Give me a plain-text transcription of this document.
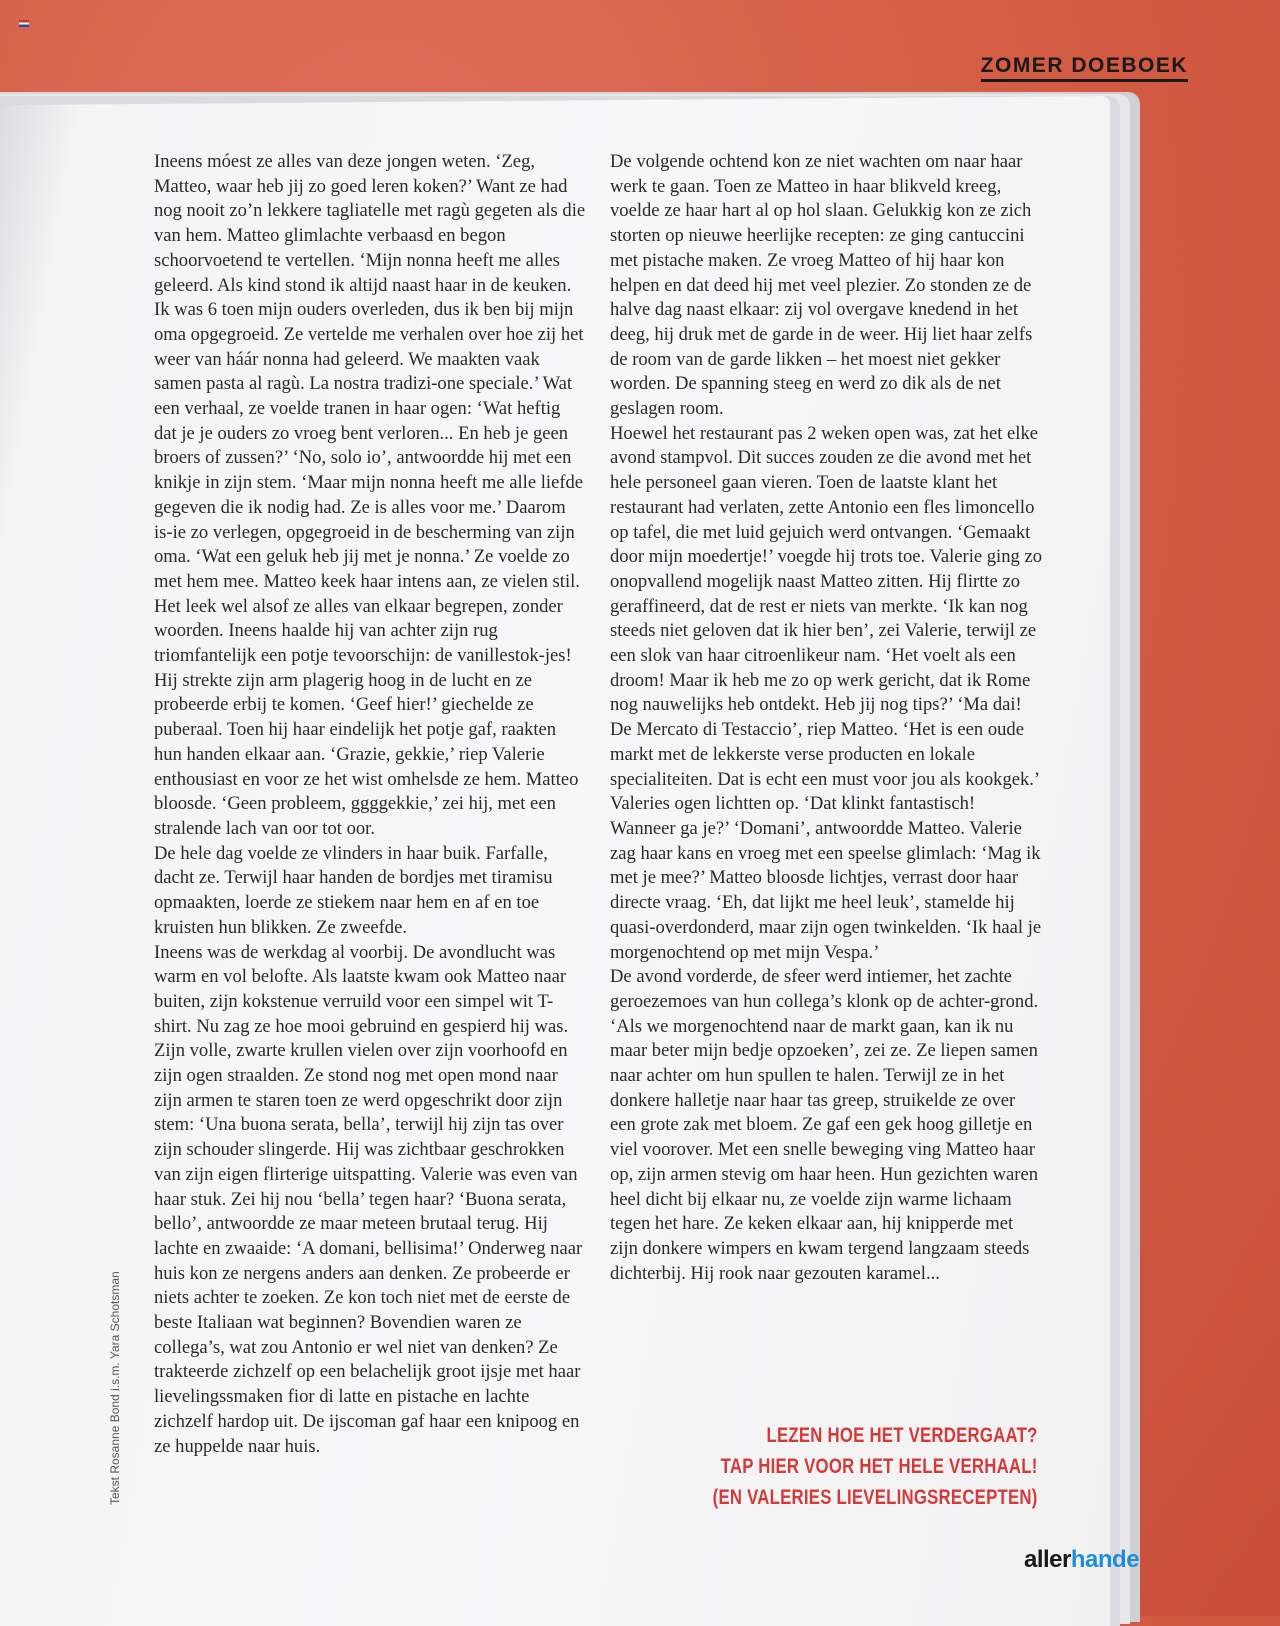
ZOMER DOEBOEK

Ineens móest ze alles van deze jongen weten. ‘Zeg, Matteo, waar heb jij zo goed leren koken?’ Want ze had nog nooit zo’n lekkere tagliatelle met ragù gegeten als die van hem. Matteo glimlachte verbaasd en begon schoorvoetend te vertellen. ‘Mijn nonna heeft me alles geleerd. Als kind stond ik altijd naast haar in de keuken. Ik was 6 toen mijn ouders overleden, dus ik ben bij mijn oma opgegroeid. Ze vertelde me verhalen over hoe zij het weer van háár nonna had geleerd. We maakten vaak samen pasta al ragù. La nostra tradizi-one speciale.’ Wat een verhaal, ze voelde tranen in haar ogen: ‘Wat heftig dat je je ouders zo vroeg bent verloren... En heb je geen broers of zussen?’ ‘No, solo io’, antwoordde hij met een knikje in zijn stem. ‘Maar mijn nonna heeft me alle liefde gegeven die ik nodig had. Ze is alles voor me.’ Daarom is-ie zo verlegen, opgegroeid in de bescherming van zijn oma. ‘Wat een geluk heb jij met je nonna.’ Ze voelde zo met hem mee. Matteo keek haar intens aan, ze vielen stil. Het leek wel alsof ze alles van elkaar begrepen, zonder woorden. Ineens haalde hij van achter zijn rug triomfantelijk een potje tevoorschijn: de vanillestok-jes! Hij strekte zijn arm plagerig hoog in de lucht en ze probeerde erbij te komen. ‘Geef hier!’ giechelde ze puberaal. Toen hij haar eindelijk het potje gaf, raakten hun handen elkaar aan. ‘Grazie, gekkie,’ riep Valerie enthousiast en voor ze het wist omhelsde ze hem. Matteo bloosde. ‘Geen probleem, ggggekkie,’ zei hij, met een stralende lach van oor tot oor.

De hele dag voelde ze vlinders in haar buik. Farfalle, dacht ze. Terwijl haar handen de bordjes met tiramisu opmaakten, loerde ze stiekem naar hem en af en toe kruisten hun blikken. Ze zweefde.

Ineens was de werkdag al voorbij. De avondlucht was warm en vol belofte. Als laatste kwam ook Matteo naar buiten, zijn kokstenue verruild voor een simpel wit T-shirt. Nu zag ze hoe mooi gebruind en gespierd hij was. Zijn volle, zwarte krullen vielen over zijn voorhoofd en zijn ogen straalden. Ze stond nog met open mond naar zijn armen te staren toen ze werd opgeschrikt door zijn stem: ‘Una buona serata, bella’, terwijl hij zijn tas over zijn schouder slingerde. Hij was zichtbaar geschrokken van zijn eigen flirterige uitspatting. Valerie was even van haar stuk. Zei hij nou ‘bella’ tegen haar? ‘Buona serata, bello’, antwoordde ze maar meteen brutaal terug. Hij lachte en zwaaide: ‘A domani, bellisima!’ Onderweg naar huis kon ze nergens anders aan denken. Ze probeerde er niets achter te zoeken. Ze kon toch niet met de eerste de beste Italiaan wat beginnen? Bovendien waren ze collega’s, wat zou Antonio er wel niet van denken? Ze trakteerde zichzelf op een belachelijk groot ijsje met haar lievelingssmaken fior di latte en pistache en lachte zichzelf hardop uit. De ijscoman gaf haar een knipoog en ze huppelde naar huis.

De volgende ochtend kon ze niet wachten om naar haar werk te gaan. Toen ze Matteo in haar blikveld kreeg, voelde ze haar hart al op hol slaan. Gelukkig kon ze zich storten op nieuwe heerlijke recepten: ze ging cantuccini met pistache maken. Ze vroeg Matteo of hij haar kon helpen en dat deed hij met veel plezier. Zo stonden ze de halve dag naast elkaar: zij vol overgave knedend in het deeg, hij druk met de garde in de weer. Hij liet haar zelfs de room van de garde likken – het moest niet gekker worden. De spanning steeg en werd zo dik als de net geslagen room.

Hoewel het restaurant pas 2 weken open was, zat het elke avond stampvol. Dit succes zouden ze die avond met het hele personeel gaan vieren. Toen de laatste klant het restaurant had verlaten, zette Antonio een fles limoncello op tafel, die met luid gejuich werd ontvangen. ‘Gemaakt door mijn moedertje!’ voegde hij trots toe. Valerie ging zo onopvallend mogelijk naast Matteo zitten. Hij flirtte zo geraffineerd, dat de rest er niets van merkte. ‘Ik kan nog steeds niet geloven dat ik hier ben’, zei Valerie, terwijl ze een slok van haar citroenlikeur nam. ‘Het voelt als een droom! Maar ik heb me zo op werk gericht, dat ik Rome nog nauwelijks heb ontdekt. Heb jij nog tips?’ ‘Ma dai! De Mercato di Testaccio’, riep Matteo. ‘Het is een oude markt met de lekkerste verse producten en lokale specialiteiten. Dat is echt een must voor jou als kookgek.’ Valeries ogen lichtten op. ‘Dat klinkt fantastisch! Wanneer ga je?’ ‘Domani’, antwoordde Matteo. Valerie zag haar kans en vroeg met een speelse glimlach: ‘Mag ik met je mee?’ Matteo bloosde lichtjes, verrast door haar directe vraag. ‘Eh, dat lijkt me heel leuk’, stamelde hij quasi-overdonderd, maar zijn ogen twinkelden. ‘Ik haal je morgenochtend op met mijn Vespa.’

De avond vorderde, de sfeer werd intiemer, het zachte geroezemoes van hun collega’s klonk op de achter-grond. ‘Als we morgenochtend naar de markt gaan, kan ik nu maar beter mijn bedje opzoeken’, zei ze. Ze liepen samen naar achter om hun spullen te halen. Terwijl ze in het donkere halletje naar haar tas greep, struikelde ze over een grote zak met bloem. Ze gaf een gek hoog gilletje en viel voorover. Met een snelle beweging ving Matteo haar op, zijn armen stevig om haar heen. Hun gezichten waren heel dicht bij elkaar nu, ze voelde zijn warme lichaam tegen het hare. Ze keken elkaar aan, hij knipperde met zijn donkere wimpers en kwam tergend langzaam steeds dichterbij. Hij rook naar gezouten karamel...

Tekst Rosanne Bond i.s.m. Yara Schotsman	LEZEN HOE HET VERDERGAAT?
TAP HIER VOOR HET HELE VERHAAL!
(EN VALERIES LIEVELINGSRECEPTEN)
allerhande
